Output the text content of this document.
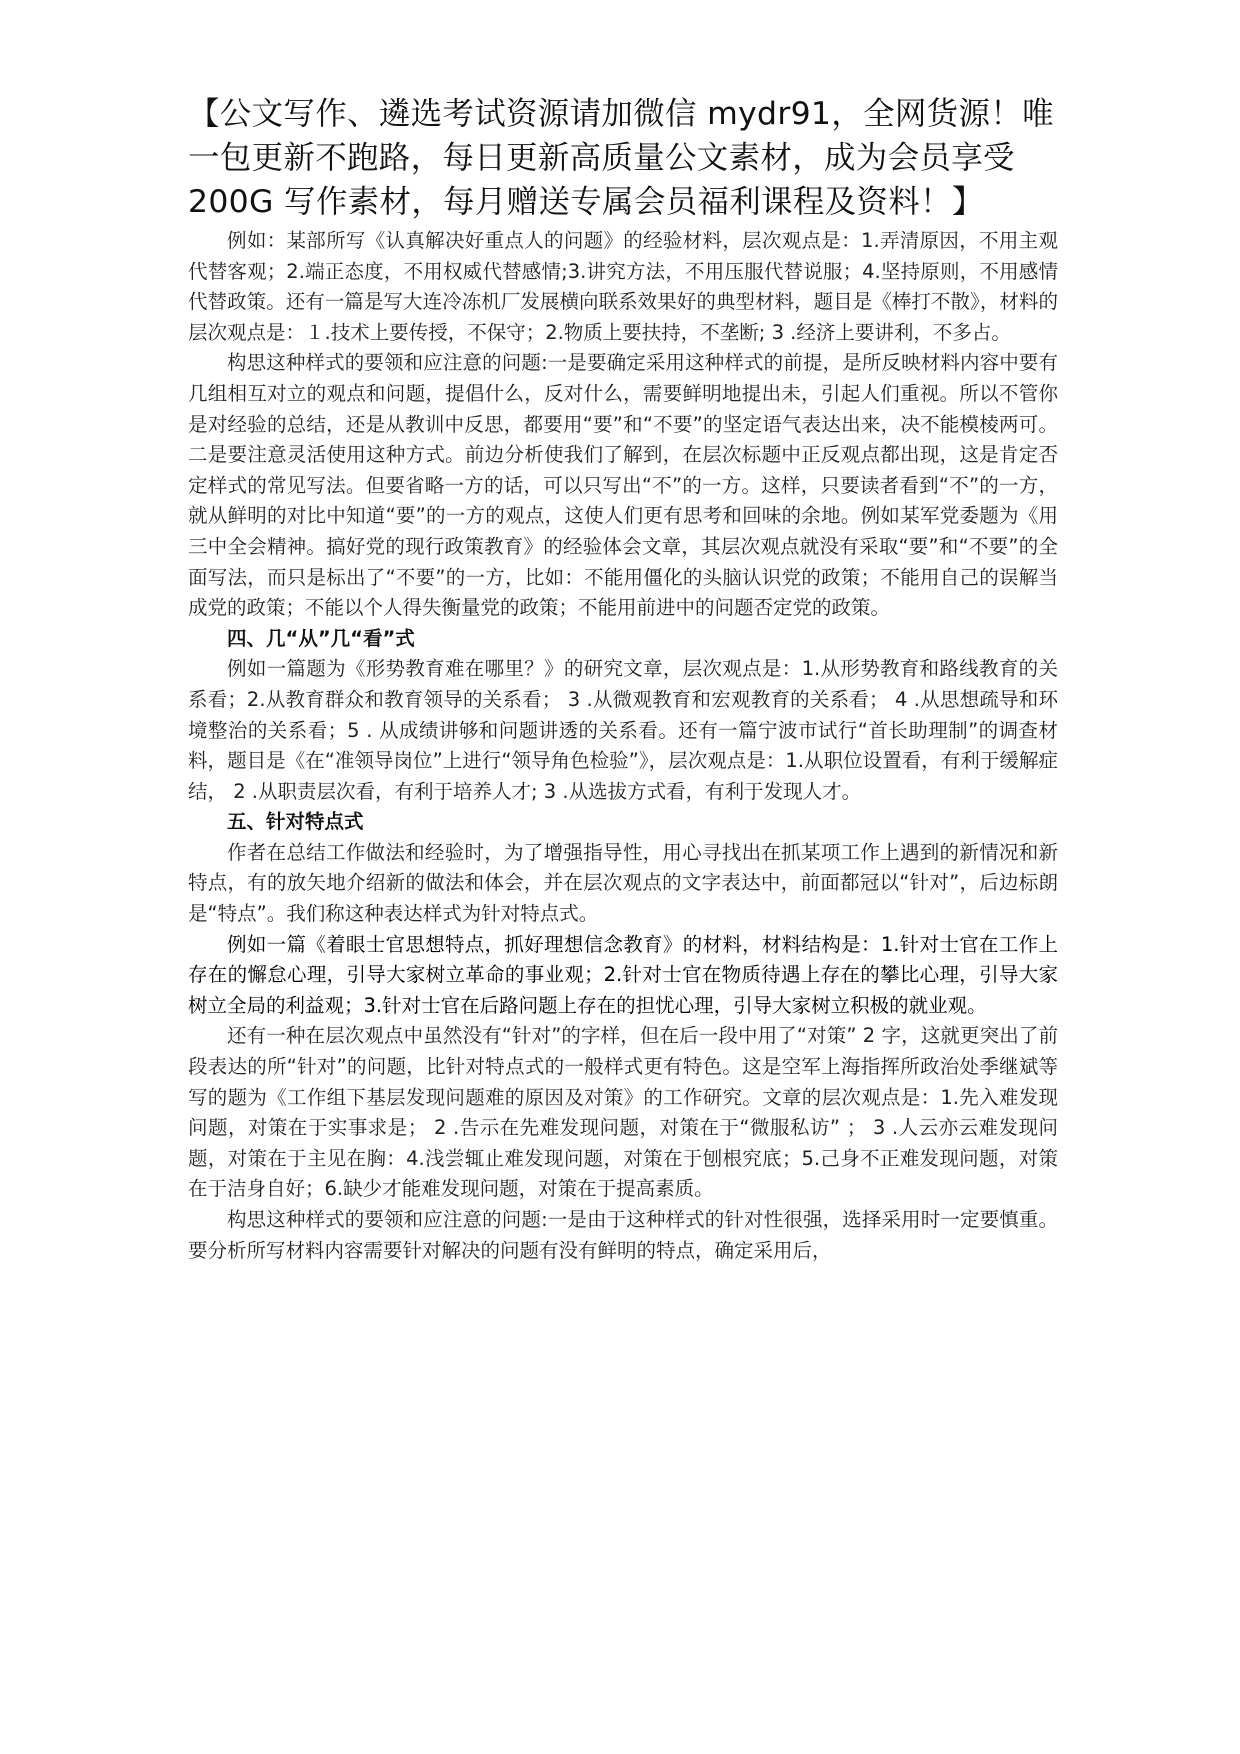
【公文写作、遴选考试资源请加微信 mydr91，全网货源！唯一包更新不跑路，每日更新高质量公文素材，成为会员享受 200G 写作素材，每月赠送专属会员福利课程及资料！】

例如：某部所写《认真解决好重点人的问题》的经验材料，层次观点是：1.弄清原因，不用主观代替客观；2.端正态度，不用权威代替感情;3.讲究方法，不用压服代替说服；4.坚持原则，不用感情代替政策。还有一篇是写大连冷冻机厂发展横向联系效果好的典型材料，题目是《棒打不散》，材料的层次观点是：１.技术上要传授，不保守；2.物质上要扶持，不垄断; 3 .经济上要讲利，不多占。

构思这种样式的要领和应注意的问题:一是要确定采用这种样式的前提，是所反映材料内容中要有几组相互对立的观点和问题，提倡什么，反对什么，需要鲜明地提出未，引起人们重视。所以不管你是对经验的总结，还是从教训中反思，都要用“要”和“不要”的坚定语气表达出来，决不能模棱两可。二是要注意灵活使用这种方式。前边分析使我们了解到，在层次标题中正反观点都出现，这是肯定否定样式的常见写法。但要省略一方的话，可以只写出“不”的一方。这样，只要读者看到“不”的一方，就从鲜明的对比中知道“要”的一方的观点，这使人们更有思考和回味的余地。例如某军党委题为《用三中全会精神。搞好党的现行政策教育》的经验体会文章，其层次观点就没有采取“要”和“不要”的全面写法，而只是标出了“不要”的一方，比如：不能用僵化的头脑认识党的政策；不能用自己的误解当成党的政策；不能以个人得失衡量党的政策；不能用前进中的问题否定党的政策。

四、几“从”几“看”式

例如一篇题为《形势教育难在哪里？》的研究文章，层次观点是：1.从形势教育和路线教育的关系看；2.从教育群众和教育领导的关系看； 3 .从微观教育和宏观教育的关系看； 4 .从思想疏导和环境整治的关系看；5 . 从成绩讲够和问题讲透的关系看。还有一篇宁波市试行“首长助理制”的调查材料，题目是《在“准领导岗位”上进行“领导角色检验”》，层次观点是：1.从职位设置看，有利于缓解症结， 2 .从职责层次看，有利于培养人才; 3 .从选拔方式看，有利于发现人才。

五、针对特点式

作者在总结工作做法和经验时，为了增强指导性，用心寻找出在抓某项工作上遇到的新情况和新特点，有的放矢地介绍新的做法和体会，并在层次观点的文字表达中，前面都冠以“针对”，后边标朗是“特点”。我们称这种表达样式为针对特点式。

例如一篇《着眼士官思想特点，抓好理想信念教育》的材料，材料结构是：1.针对士官在工作上存在的懈怠心理，引导大家树立革命的事业观；2.针对士官在物质待遇上存在的攀比心理，引导大家树立全局的利益观；3.针对士官在后路问题上存在的担忧心理，引导大家树立积极的就业观。

还有一种在层次观点中虽然没有“针对”的字样，但在后一段中用了“对策” 2 字，这就更突出了前段表达的所“针对”的问题，比针对特点式的一般样式更有特色。这是空军上海指挥所政治处季继斌等写的题为《工作组下基层发现问题难的原因及对策》的工作研究。文章的层次观点是：1.先入难发现问题，对策在于实事求是； 2 .告示在先难发现问题，对策在于“微服私访” ； 3 .人云亦云难发现问题，对策在于主见在胸：4.浅尝辄止难发现问题，对策在于刨根究底；5.己身不正难发现问题，对策在于洁身自好；6.缺少才能难发现问题，对策在于提高素质。

构思这种样式的要领和应注意的问题:一是由于这种样式的针对性很强，选择采用时一定要慎重。要分析所写材料内容需要针对解决的问题有没有鲜明的特点，确定采用后，
